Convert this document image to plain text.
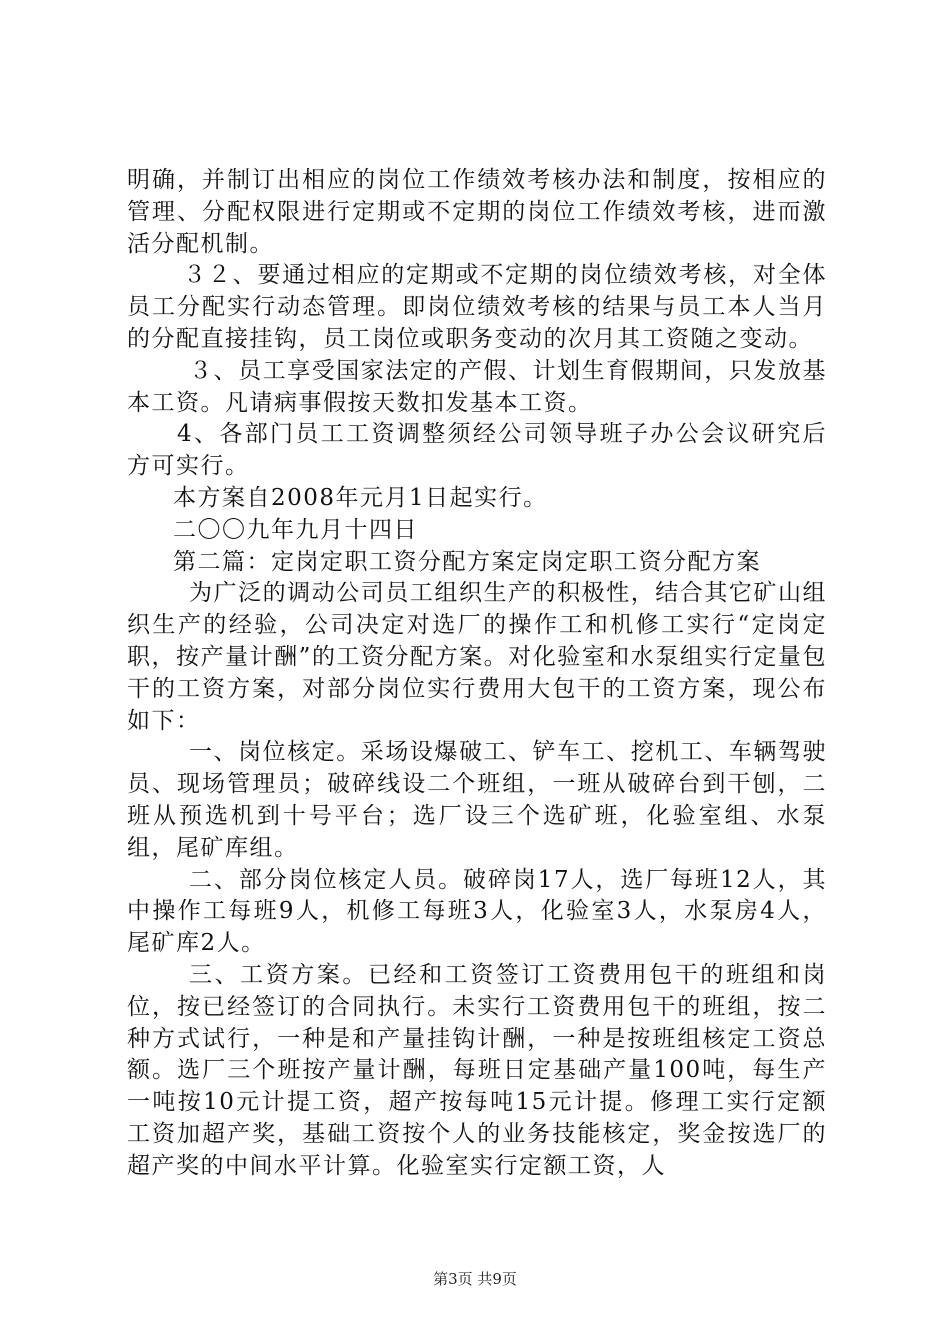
明确，并制订出相应的岗位工作绩效考核办法和制度，按相应的管理、分配权限进行定期或不定期的岗位工作绩效考核，进而激活分配机制。

３２、要通过相应的定期或不定期的岗位绩效考核，对全体员工分配实行动态管理。即岗位绩效考核的结果与员工本人当月的分配直接挂钩，员工岗位或职务变动的次月其工资随之变动。

３、员工享受国家法定的产假、计划生育假期间，只发放基本工资。凡请病事假按天数扣发基本工资。

4、各部门员工工资调整须经公司领导班子办公会议研究后方可实行。

本方案自2008年元月1日起实行。

二〇〇九年九月十四日

第二篇：定岗定职工资分配方案定岗定职工资分配方案

为广泛的调动公司员工组织生产的积极性，结合其它矿山组织生产的经验，公司决定对选厂的操作工和机修工实行“定岗定职，按产量计酬”的工资分配方案。对化验室和水泵组实行定量包干的工资方案，对部分岗位实行费用大包干的工资方案，现公布如下：

一、岗位核定。采场设爆破工、铲车工、挖机工、车辆驾驶员、现场管理员；破碎线设二个班组，一班从破碎台到干刨，二班从预选机到十号平台；选厂设三个选矿班，化验室组、水泵组，尾矿库组。

二、部分岗位核定人员。破碎岗17人，选厂每班12人，其中操作工每班9人，机修工每班3人，化验室3人，水泵房4人，尾矿库2人。

三、工资方案。已经和工资签订工资费用包干的班组和岗位，按已经签订的合同执行。未实行工资费用包干的班组，按二种方式试行，一种是和产量挂钩计酬，一种是按班组核定工资总额。选厂三个班按产量计酬，每班日定基础产量100吨，每生产一吨按10元计提工资，超产按每吨15元计提。修理工实行定额工资加超产奖，基础工资按个人的业务技能核定，奖金按选厂的超产奖的中间水平计算。化验室实行定额工资，人

第3页 共9页
